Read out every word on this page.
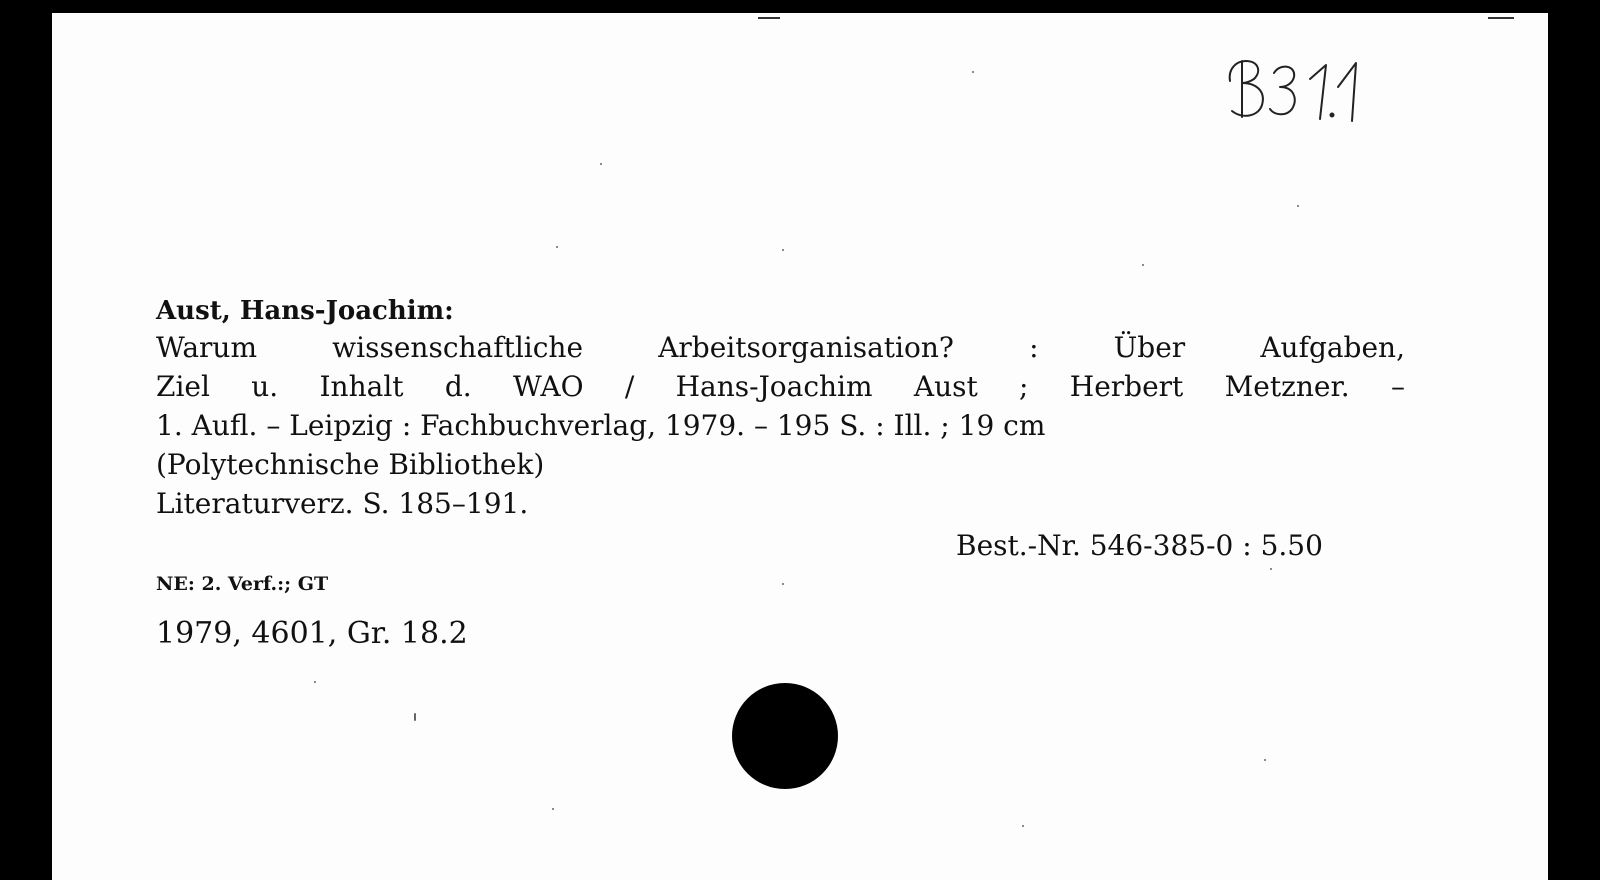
Aust, Hans-Joachim:
Warum wissenschaftliche Arbeitsorganisation? : Über Aufgaben,
Ziel u. Inhalt d. WAO / Hans-Joachim Aust ; Herbert Metzner. –
1. Aufl. – Leipzig : Fachbuchverlag, 1979. – 195 S. : Ill. ; 19 cm
(Polytechnische Bibliothek)
Literaturverz. S. 185–191.
Best.-Nr. 546-385-0 : 5.50
NE: 2. Verf.:; GT
1979, 4601, Gr. 18.2
